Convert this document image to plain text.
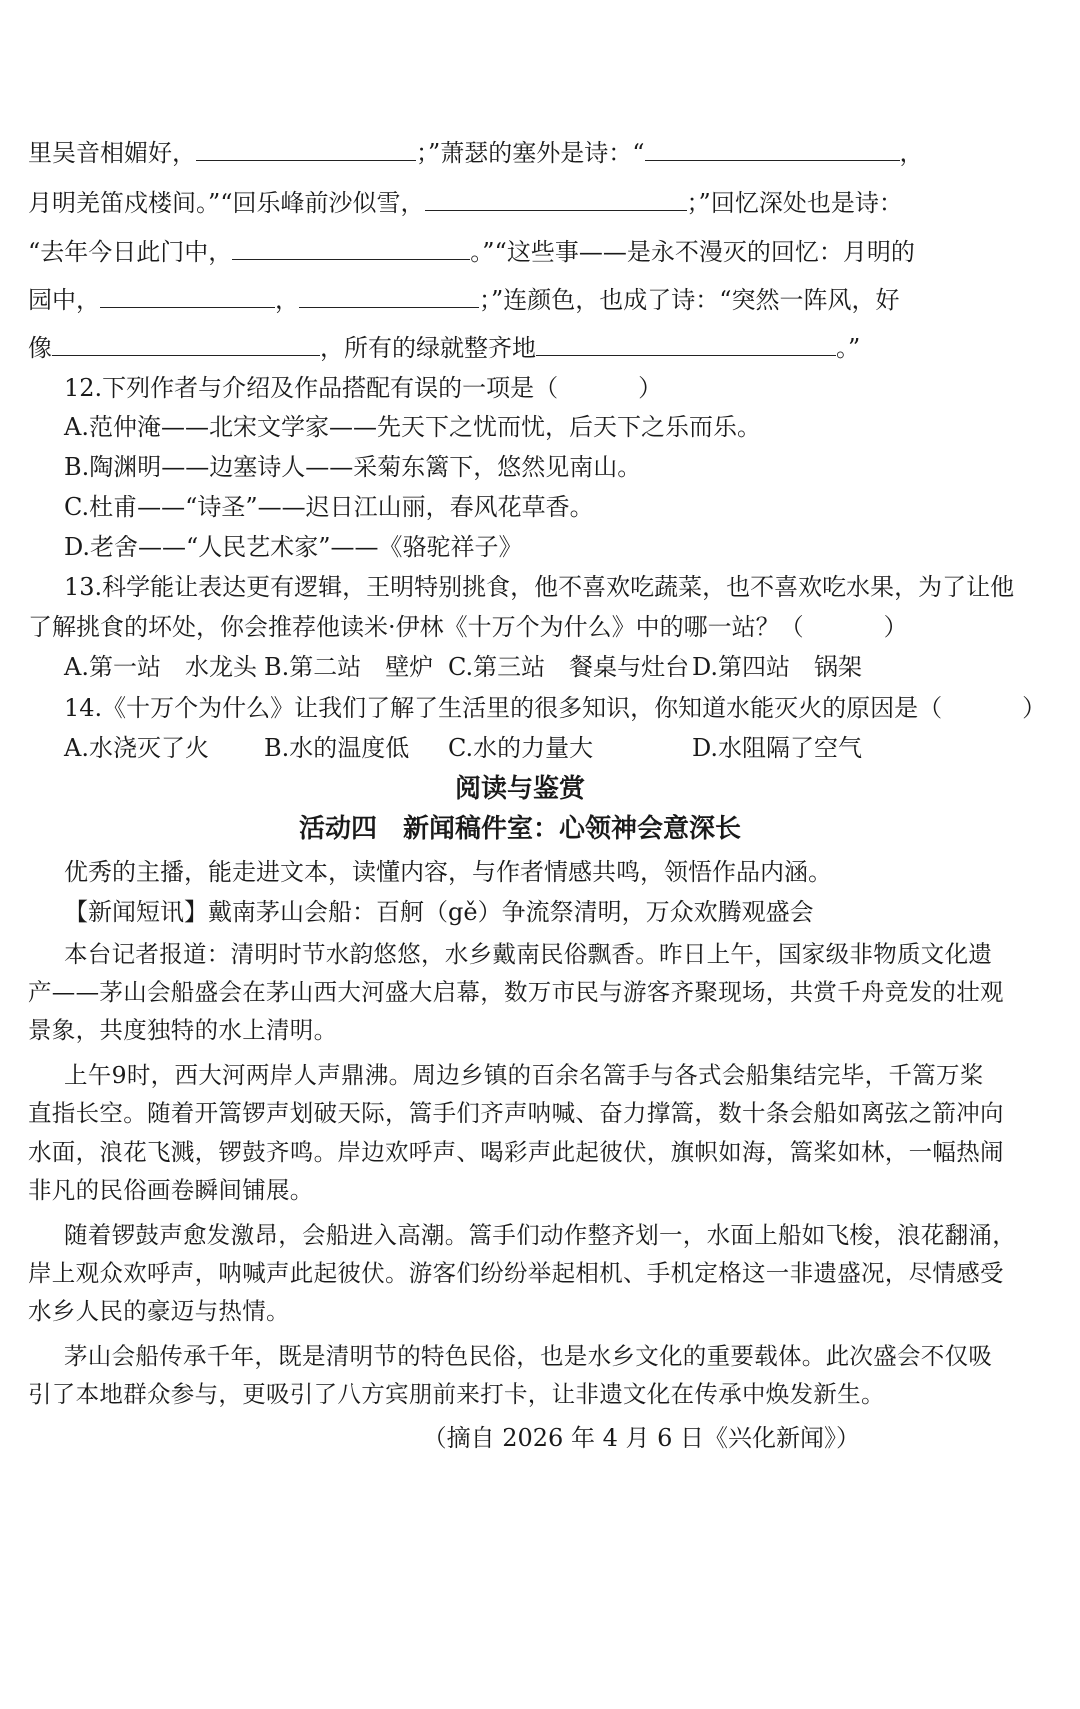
里吴音相媚好，	；”萧瑟的塞外是诗：“	，
月明羌笛戍楼间。”“回乐峰前沙似雪，	；”回忆深处也是诗：
“去年今日此门中，	。”“这些事——是永不漫灭的回忆：月明的
园中，	，	；”连颜色，也成了诗：“突然一阵风，好
像	，所有的绿就整齐地	。”
12.下列作者与介绍及作品搭配有误的一项是（	）
A.范仲淹——北宋文学家——先天下之忧而忧，后天下之乐而乐。
B.陶渊明——边塞诗人——采菊东篱下，悠然见南山。
C.杜甫——“诗圣”——迟日江山丽，春风花草香。
D.老舍——“人民艺术家”——《骆驼祥子》
13.科学能让表达更有逻辑，王明特别挑食，他不喜欢吃蔬菜，也不喜欢吃水果，为了让他
了解挑食的坏处，你会推荐他读米·伊林《十万个为什么》中的哪一站？（	）
A.第一站　水龙头 B.第二站　壁炉 C.第三站　餐桌与灶台 D.第四站　锅架
14.《十万个为什么》让我们了解了生活里的很多知识，你知道水能灭火的原因是（	）
A.水浇灭了火 B.水的温度低 C.水的力量大	D.水阻隔了空气
阅读与鉴赏
活动四　新闻稿件室：心领神会意深长
优秀的主播，能走进文本，读懂内容，与作者情感共鸣，领悟作品内涵。
【新闻短讯】戴南茅山会船：百舸（gě）争流祭清明，万众欢腾观盛会
本台记者报道：清明时节水韵悠悠，水乡戴南民俗飘香。昨日上午，国家级非物质文化遗
产——茅山会船盛会在茅山西大河盛大启幕，数万市民与游客齐聚现场，共赏千舟竞发的壮观
景象，共度独特的水上清明。
上午9时，西大河两岸人声鼎沸。周边乡镇的百余名篙手与各式会船集结完毕，千篙万桨
直指长空。随着开篙锣声划破天际，篙手们齐声呐喊、奋力撑篙，数十条会船如离弦之箭冲向
水面，浪花飞溅，锣鼓齐鸣。岸边欢呼声、喝彩声此起彼伏，旗帜如海，篙桨如林，一幅热闹
非凡的民俗画卷瞬间铺展。
随着锣鼓声愈发激昂，会船进入高潮。篙手们动作整齐划一，水面上船如飞梭，浪花翻涌，
岸上观众欢呼声，呐喊声此起彼伏。游客们纷纷举起相机、手机定格这一非遗盛况，尽情感受
水乡人民的豪迈与热情。
茅山会船传承千年，既是清明节的特色民俗，也是水乡文化的重要载体。此次盛会不仅吸
引了本地群众参与，更吸引了八方宾朋前来打卡，让非遗文化在传承中焕发新生。
（摘自 2026 年 4 月 6 日《兴化新闻》）
